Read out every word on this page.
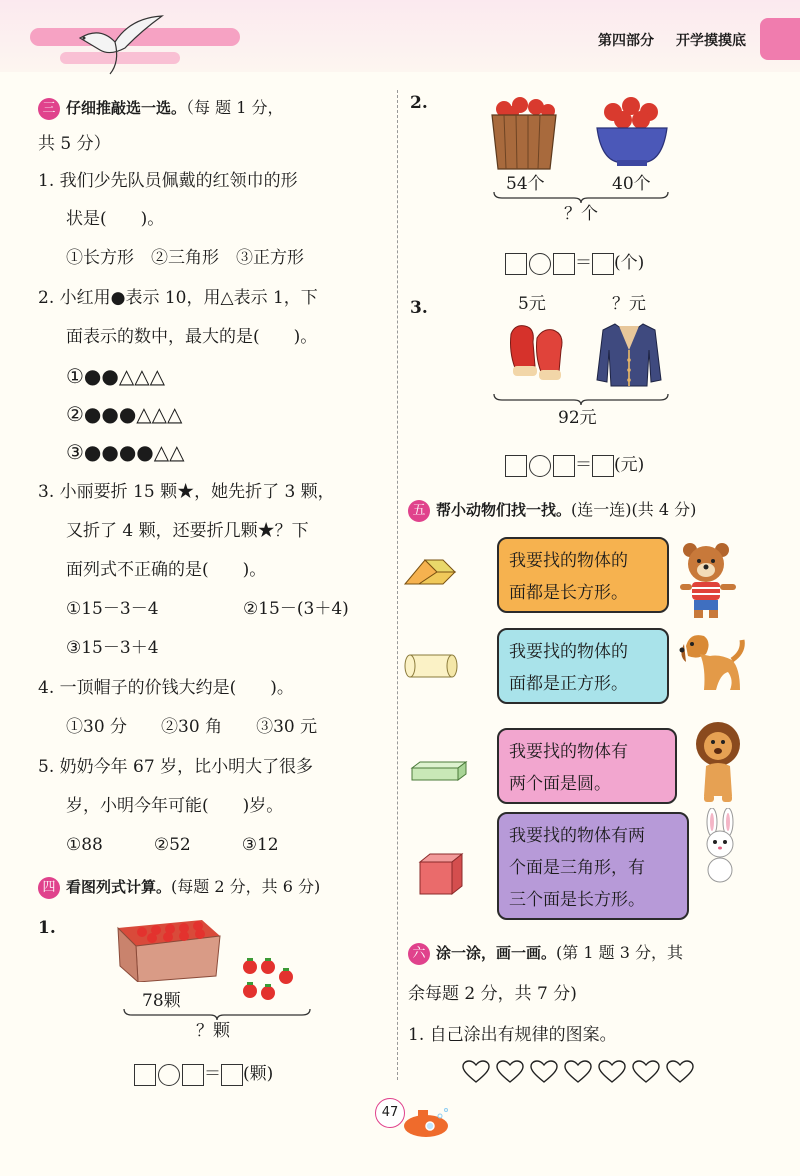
第四部分 开学摸摸底
三 仔细推敲选一选。（每 题 1 分，
共 5 分）
1. 我们少先队员佩戴的红领巾的形
状是(　　)。
①长方形　②三角形　③正方形
2. 小红用●表示 10，用△表示 1，下
面表示的数中，最大的是(　　)。
①●●△△△
②●●●△△△
③●●●●△△
3. 小丽要折 15 颗★，她先折了 3 颗，
又折了 4 颗，还要折几颗★？下
面列式不正确的是(　　)。
①15－3－4	②15－(3＋4)
③15－3＋4
4. 一顶帽子的价钱大约是(　　)。
①30 分　　②30 角　　③30 元
5. 奶奶今年 67 岁，比小明大了很多
岁，小明今年可能(　　)岁。
①88　　　②52　　　③12
四 看图列式计算。(每题 2 分，共 6 分)
1.
78颗
？颗
＝ (颗)
2.
54个	40个
？个
＝ (个)
3.	5元	？元
92元
＝ (元)
五 帮小动物们找一找。(连一连)(共 4 分)
我要找的物体的
面都是长方形。
我要找的物体的
面都是正方形。
我要找的物体有
两个面是圆。
我要找的物体有两
个面是三角形，有
三个面是长方形。
六 涂一涂，画一画。(第 1 题 3 分，其
余每题 2 分，共 7 分)
1. 自己涂出有规律的图案。
47
